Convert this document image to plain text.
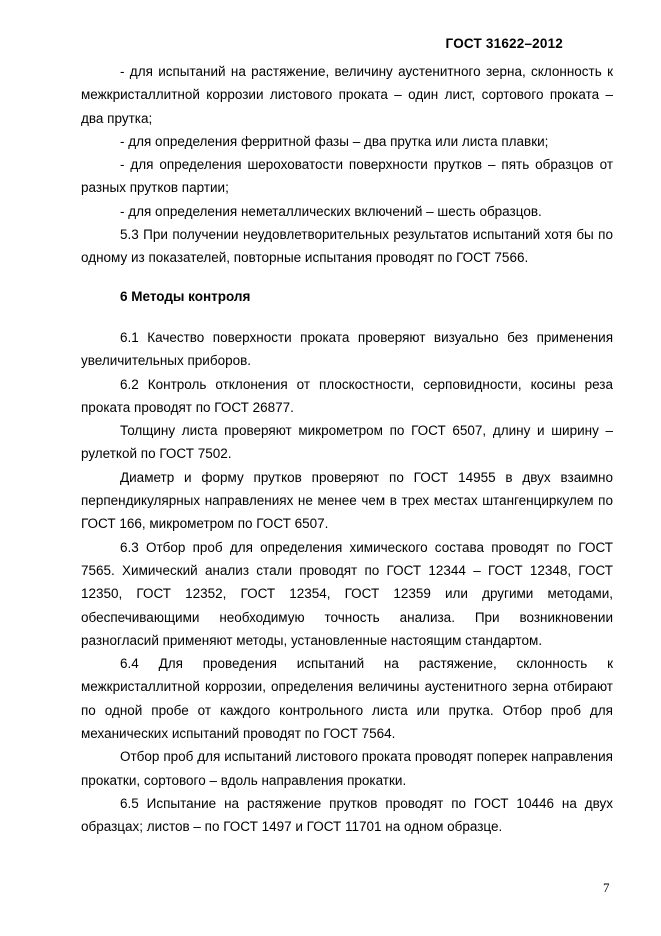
ГОСТ 31622–2012

- для испытаний на растяжение, величину аустенитного зерна, склонность к межкристаллитной коррозии листового проката – один лист, сортового проката – два прутка;

- для определения ферритной фазы – два прутка или листа плавки;

- для определения шероховатости поверхности прутков – пять образцов от разных прутков партии;

- для определения неметаллических включений – шесть образцов.

5.3 При получении неудовлетворительных результатов испытаний хотя бы по одному из показателей, повторные испытания проводят по ГОСТ 7566.

6 Методы контроля

6.1 Качество поверхности проката проверяют визуально без применения увеличительных приборов.

6.2 Контроль отклонения от плоскостности, серповидности, косины реза проката проводят по ГОСТ 26877.

Толщину листа проверяют микрометром по ГОСТ 6507, длину и ширину – рулеткой по ГОСТ 7502.

Диаметр и форму прутков проверяют по ГОСТ 14955 в двух взаимно перпендикулярных направлениях не менее чем в трех местах штангенциркулем по ГОСТ 166, микрометром по ГОСТ 6507.

6.3 Отбор проб для определения химического состава проводят по ГОСТ 7565. Химический анализ стали проводят по ГОСТ 12344 – ГОСТ 12348, ГОСТ 12350, ГОСТ 12352, ГОСТ 12354, ГОСТ 12359 или другими методами, обеспечивающими необходимую точность анализа. При возникновении разногласий применяют методы, установленные настоящим стандартом.

6.4 Для проведения испытаний на растяжение, склонность к межкристаллитной коррозии, определения величины аустенитного зерна отбирают по одной пробе от каждого контрольного листа или прутка. Отбор проб для механических испытаний проводят по ГОСТ 7564.

Отбор проб для испытаний листового проката проводят поперек направления прокатки, сортового – вдоль направления прокатки.

6.5 Испытание на растяжение прутков проводят по ГОСТ 10446 на двух образцах; листов – по ГОСТ 1497 и ГОСТ 11701 на одном образце.

7
